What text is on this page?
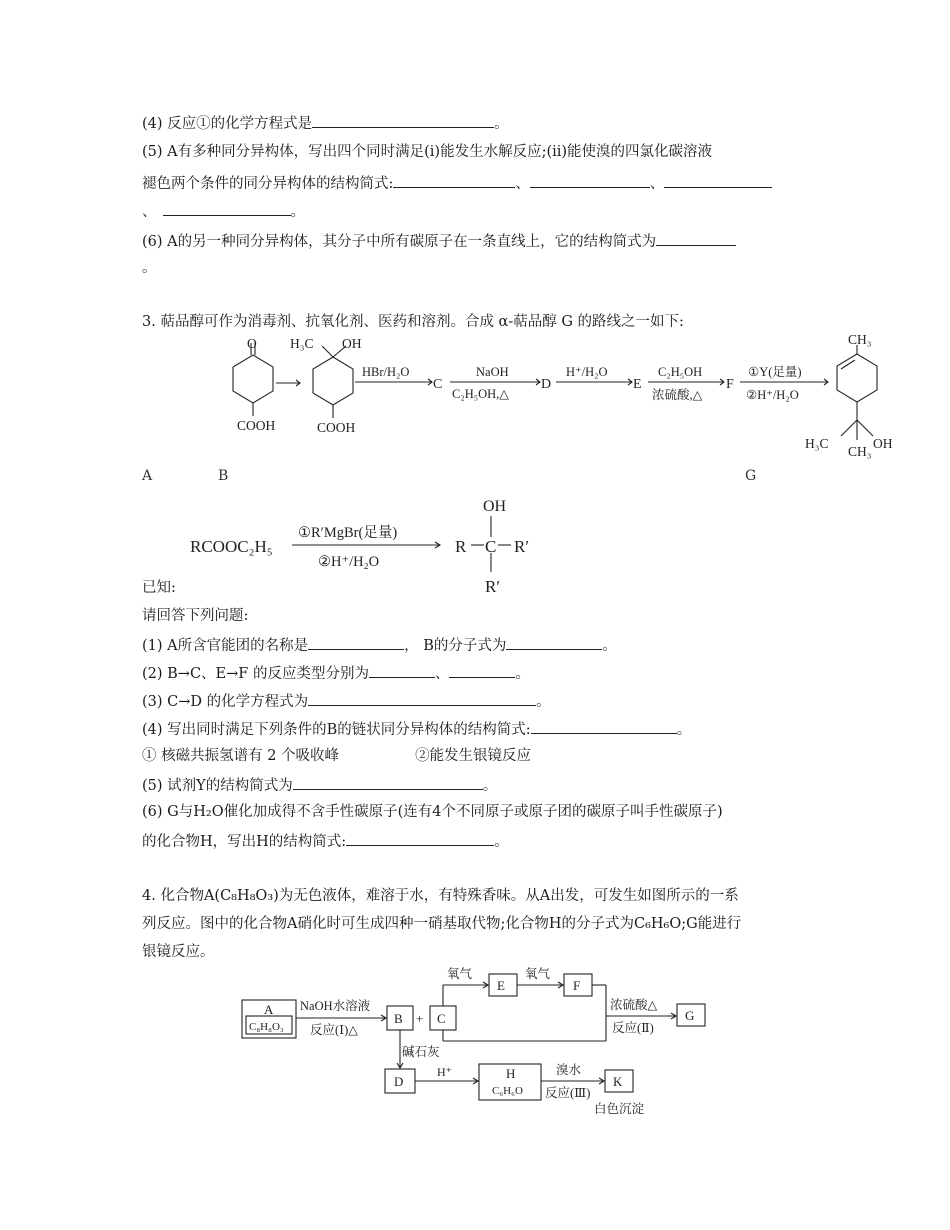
(4) 反应①的化学方程式是	。
(5) A有多种同分异构体，写出四个同时满足(i)能发生水解反应;(ii)能使溴的四氯化碳溶液
褪色两个条件的同分异构体的结构简式:	、	、
、	。
(6) A的另一种同分异构体，其分子中所有碳原子在一条直线上，它的结构简式为
。
3. 萜品醇可作为消毒剂、抗氧化剂、医药和溶剂。合成 α-萜品醇 G 的路线之一如下:
O
COOH
H₃C OH
COOH
HBr/H₂O
C
NaOH
C₂H₅OH,△
D
H⁺/H₂O
E
C₂H₅OH
浓硫酸,△
F
①Y(足量)
②H⁺/H₂O
CH₃
H₃C
CH₃
OH
A	B	G
RCOOC₂H₅
①R′MgBr(足量)
②H⁺/H₂O
OH
R C R′
R′
已知:
请回答下列问题:
(1) A所含官能团的名称是	， B的分子式为	。
(2) B→C、E→F 的反应类型分别为	、	。
(3) C→D 的化学方程式为	。
(4) 写出同时满足下列条件的B的链状同分异构体的结构简式:	。
① 核磁共振氢谱有 2 个吸收峰	②能发生银镜反应
(5) 试剂Y的结构简式为	。
(6) G与H₂O催化加成得不含手性碳原子(连有4个不同原子或原子团的碳原子叫手性碳原子)
的化合物H，写出H的结构简式:	。
4. 化合物A(C₈H₈O₃)为无色液体，难溶于水，有特殊香味。从A出发，可发生如图所示的一系
列反应。图中的化合物A硝化时可生成四种一硝基取代物;化合物H的分子式为C₆H₆O;G能进行
银镜反应。
A
C₈H₈O₃
NaOH水溶液
反应(Ⅰ)△
B + C
氧气
E
氧气
F
浓硫酸△
反应(Ⅱ)
G
碱石灰
D
H⁺	H
C₆H₆O
溴水
反应(Ⅲ)
K
白色沉淀
